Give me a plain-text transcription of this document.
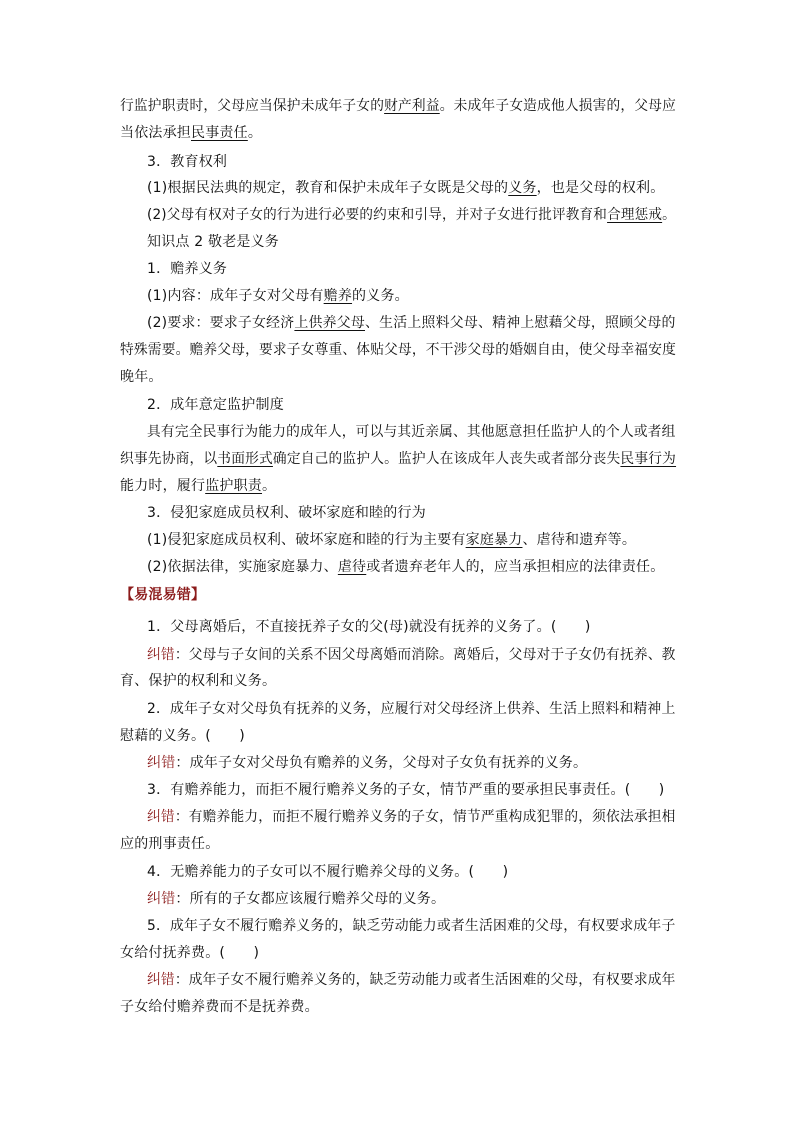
行监护职责时，父母应当保护未成年子女的财产利益。未成年子女造成他人损害的，父母应
当依法承担民事责任。
3．教育权利
(1)根据民法典的规定，教育和保护未成年子女既是父母的义务，也是父母的权利。
(2)父母有权对子女的行为进行必要的约束和引导，并对子女进行批评教育和合理惩戒。
知识点 2 敬老是义务
1．赡养义务
(1)内容：成年子女对父母有赡养的义务。
(2)要求：要求子女经济上供养父母、生活上照料父母、精神上慰藉父母，照顾父母的
特殊需要。赡养父母，要求子女尊重、体贴父母，不干涉父母的婚姻自由，使父母幸福安度
晚年。
2．成年意定监护制度
具有完全民事行为能力的成年人，可以与其近亲属、其他愿意担任监护人的个人或者组
织事先协商，以书面形式确定自己的监护人。监护人在该成年人丧失或者部分丧失民事行为
能力时，履行监护职责。
3．侵犯家庭成员权利、破坏家庭和睦的行为
(1)侵犯家庭成员权利、破坏家庭和睦的行为主要有家庭暴力、虐待和遗弃等。
(2)依据法律，实施家庭暴力、虐待或者遗弃老年人的，应当承担相应的法律责任。
【易混易错】
1．父母离婚后，不直接抚养子女的父(母)就没有抚养的义务了。(　　)
纠错：父母与子女间的关系不因父母离婚而消除。离婚后，父母对于子女仍有抚养、教
育、保护的权利和义务。
2．成年子女对父母负有抚养的义务，应履行对父母经济上供养、生活上照料和精神上
慰藉的义务。(　　)
纠错：成年子女对父母负有赡养的义务，父母对子女负有抚养的义务。
3．有赡养能力，而拒不履行赡养义务的子女，情节严重的要承担民事责任。(　　)
纠错：有赡养能力，而拒不履行赡养义务的子女，情节严重构成犯罪的，须依法承担相
应的刑事责任。
4．无赡养能力的子女可以不履行赡养父母的义务。(　　)
纠错：所有的子女都应该履行赡养父母的义务。
5．成年子女不履行赡养义务的，缺乏劳动能力或者生活困难的父母，有权要求成年子
女给付抚养费。(　　)
纠错：成年子女不履行赡养义务的，缺乏劳动能力或者生活困难的父母，有权要求成年
子女给付赡养费而不是抚养费。
